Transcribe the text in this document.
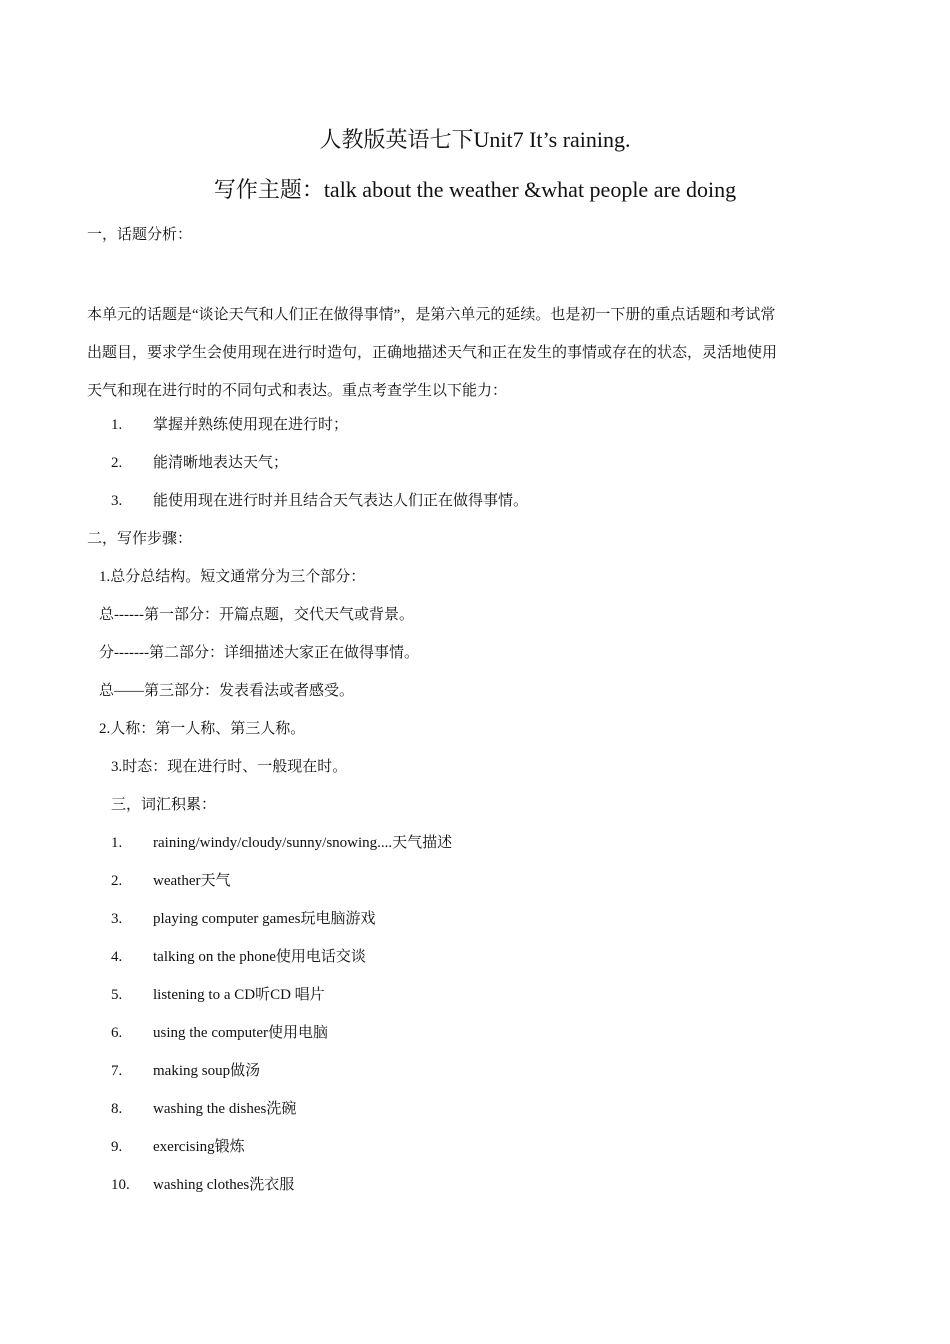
人教版英语七下Unit7 It’s raining.
写作主题：talk about the weather &what people are doing
一，话题分析：
本单元的话题是“谈论天气和人们正在做得事情”，是第六单元的延续。也是初一下册的重点话题和考试常
出题目，要求学生会使用现在进行时造句，正确地描述天气和正在发生的事情或存在的状态，灵活地使用
天气和现在进行时的不同句式和表达。重点考查学生以下能力：
1. 掌握并熟练使用现在进行时；
2. 能清晰地表达天气；
3. 能使用现在进行时并且结合天气表达人们正在做得事情。
二，写作步骤：
1.总分总结构。短文通常分为三个部分：
总------第一部分：开篇点题，交代天气或背景。
分-------第二部分：详细描述大家正在做得事情。
总——第三部分：发表看法或者感受。
2.人称：第一人称、第三人称。
3.时态：现在进行时、一般现在时。
三，词汇积累：
1. raining/windy/cloudy/sunny/snowing....天气描述
2. weather天气
3. playing computer games玩电脑游戏
4. talking on the phone使用电话交谈
5. listening to a CD听CD 唱片
6. using the computer使用电脑
7. making soup做汤
8. washing the dishes洗碗
9. exercising锻炼
10. washing clothes洗衣服
